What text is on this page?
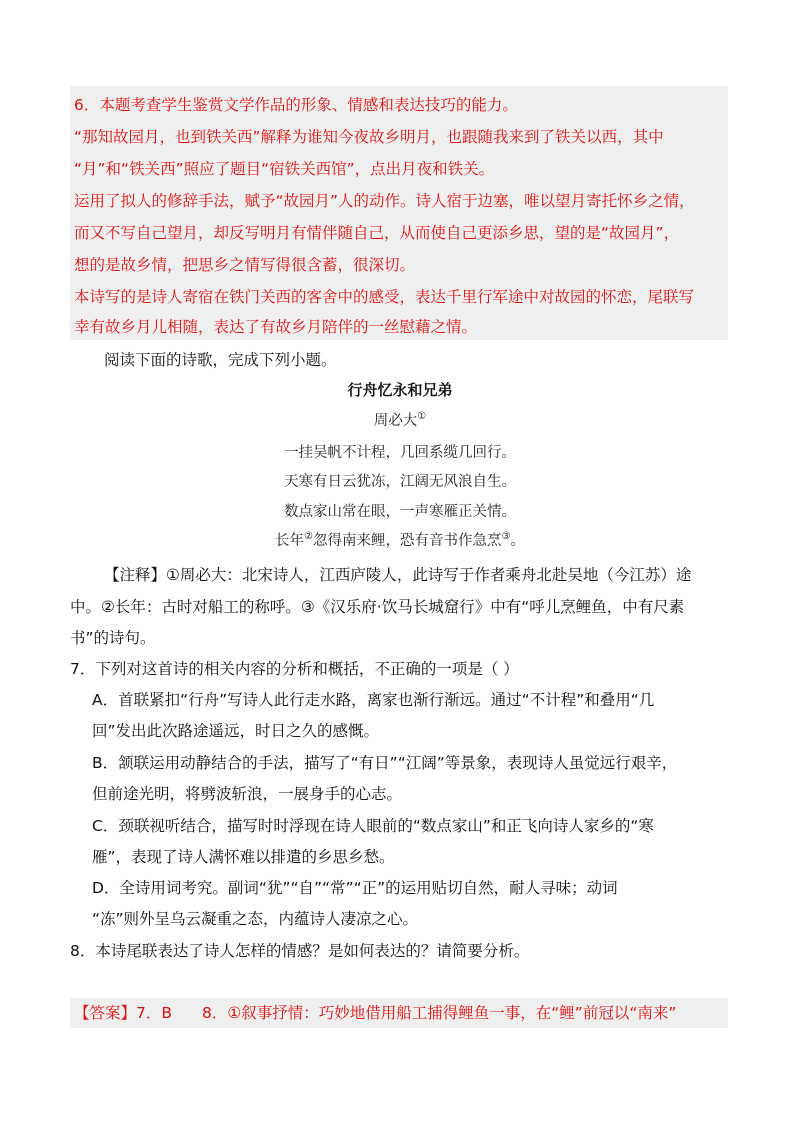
6．本题考查学生鉴赏文学作品的形象、情感和表达技巧的能力。
“那知故园月，也到铁关西”解释为谁知今夜故乡明月，也跟随我来到了铁关以西，其中
“月”和“铁关西”照应了题目“宿铁关西馆”，点出月夜和铁关。
运用了拟人的修辞手法，赋予“故园月”人的动作。诗人宿于边塞，唯以望月寄托怀乡之情，
而又不写自己望月，却反写明月有情伴随自己，从而使自己更添乡思，望的是“故园月”，
想的是故乡情，把思乡之情写得很含蓄，很深切。
本诗写的是诗人寄宿在铁门关西的客舍中的感受，表达千里行军途中对故园的怀恋，尾联写
幸有故乡月儿相随，表达了有故乡月陪伴的一丝慰藉之情。
阅读下面的诗歌，完成下列小题。
行舟忆永和兄弟
周必大①
一挂吴帆不计程，几回系缆几回行。
天寒有日云犹冻，江阔无风浪自生。
数点家山常在眼，一声寒雁正关情。
长年②忽得南来鲤，恐有音书作急烹③。
【注释】①周必大：北宋诗人，江西庐陵人，此诗写于作者乘舟北赴吴地（今江苏）途
中。②长年：古时对船工的称呼。③《汉乐府·饮马长城窟行》中有“呼儿烹鲤鱼，中有尺素
书”的诗句。
7．下列对这首诗的相关内容的分析和概括，不正确的一项是（ ）
A．首联紧扣“行舟”写诗人此行走水路，离家也渐行渐远。通过“不计程”和叠用“几
回”发出此次路途遥远，时日之久的感慨。
B．颔联运用动静结合的手法，描写了“有日”“江阔”等景象，表现诗人虽觉远行艰辛，
但前途光明，将劈波斩浪，一展身手的心志。
C．颈联视听结合，描写时时浮现在诗人眼前的“数点家山”和正飞向诗人家乡的“寒
雁”，表现了诗人满怀难以排遣的乡思乡愁。
D．全诗用词考究。副词“犹”“自”“常”“正”的运用贴切自然，耐人寻味；动词
“冻”则外呈乌云凝重之态，内蕴诗人凄凉之心。
8．本诗尾联表达了诗人怎样的情感？是如何表达的？请简要分析。
【答案】7．B 8．①叙事抒情：巧妙地借用船工捕得鲤鱼一事，在“鲤”前冠以“南来”
